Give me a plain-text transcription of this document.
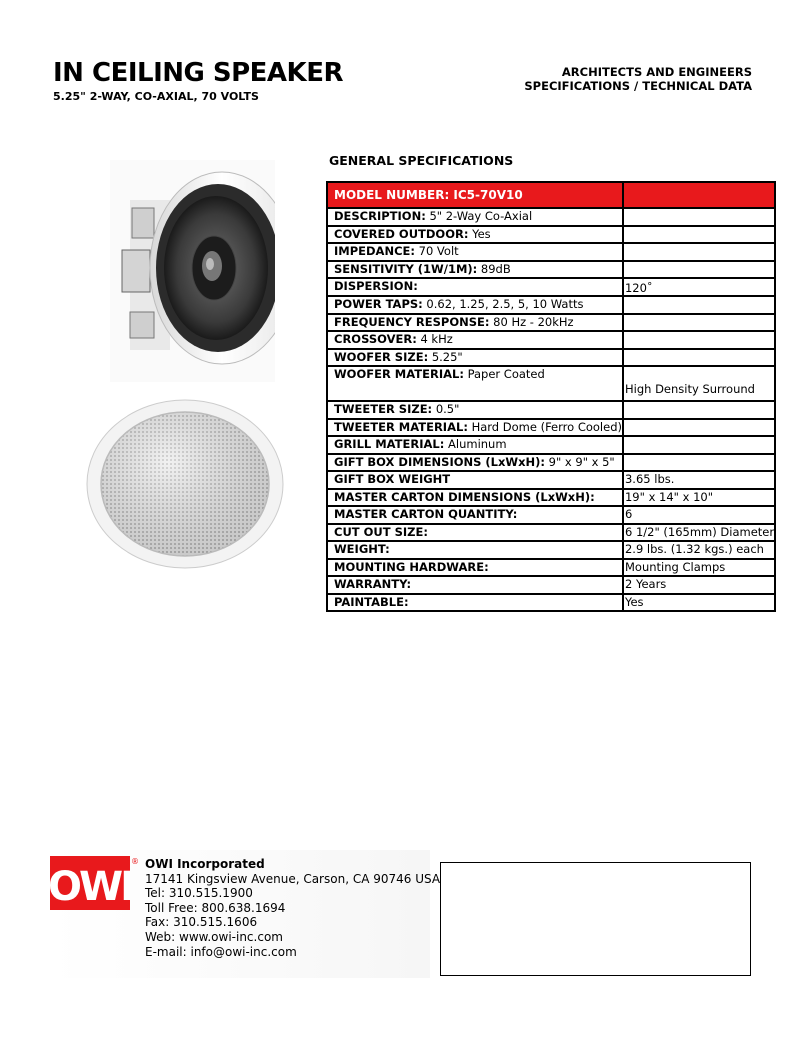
IN CEILING SPEAKER
5.25" 2-WAY, CO-AXIAL, 70 VOLTS
ARCHITECTS AND ENGINEERS
SPECIFICATIONS / TECHNICAL DATA
GENERAL SPECIFICATIONS
MODEL NUMBER: IC5-70V10	
DESCRIPTION: 5" 2-Way Co-Axial	
COVERED OUTDOOR: Yes	
IMPEDANCE: 70 Volt	
SENSITIVITY (1W/1M): 89dB	
DISPERSION:	120˚

POWER TAPS: 0.62, 1.25, 2.5, 5, 10 Watts	
FREQUENCY RESPONSE: 80 Hz - 20kHz	
CROSSOVER: 4 kHz	
WOOFER SIZE: 5.25"	
WOOFER MATERIAL: Paper Coated	High Density Surround

TWEETER SIZE: 0.5"	
TWEETER MATERIAL: Hard Dome (Ferro Cooled)	
GRILL MATERIAL: Aluminum	
GIFT BOX DIMENSIONS (LxWxH): 9" x 9" x 5"	
GIFT BOX WEIGHT	3.65 lbs.
MASTER CARTON DIMENSIONS (LxWxH):	19" x 14" x 10"
MASTER CARTON QUANTITY:	6
CUT OUT SIZE:	6 1/2" (165mm) Diameter
WEIGHT:	2.9 lbs. (1.32 kgs.) each
MOUNTING HARDWARE:	Mounting Clamps
WARRANTY:	2 Years
PAINTABLE:	Yes
OWI
® OWI Incorporated
17141 Kingsview Avenue, Carson, CA 90746 USA
Tel: 310.515.1900
Toll Free: 800.638.1694
Fax: 310.515.1606
Web: www.owi-inc.com
E-mail: info@owi-inc.com
